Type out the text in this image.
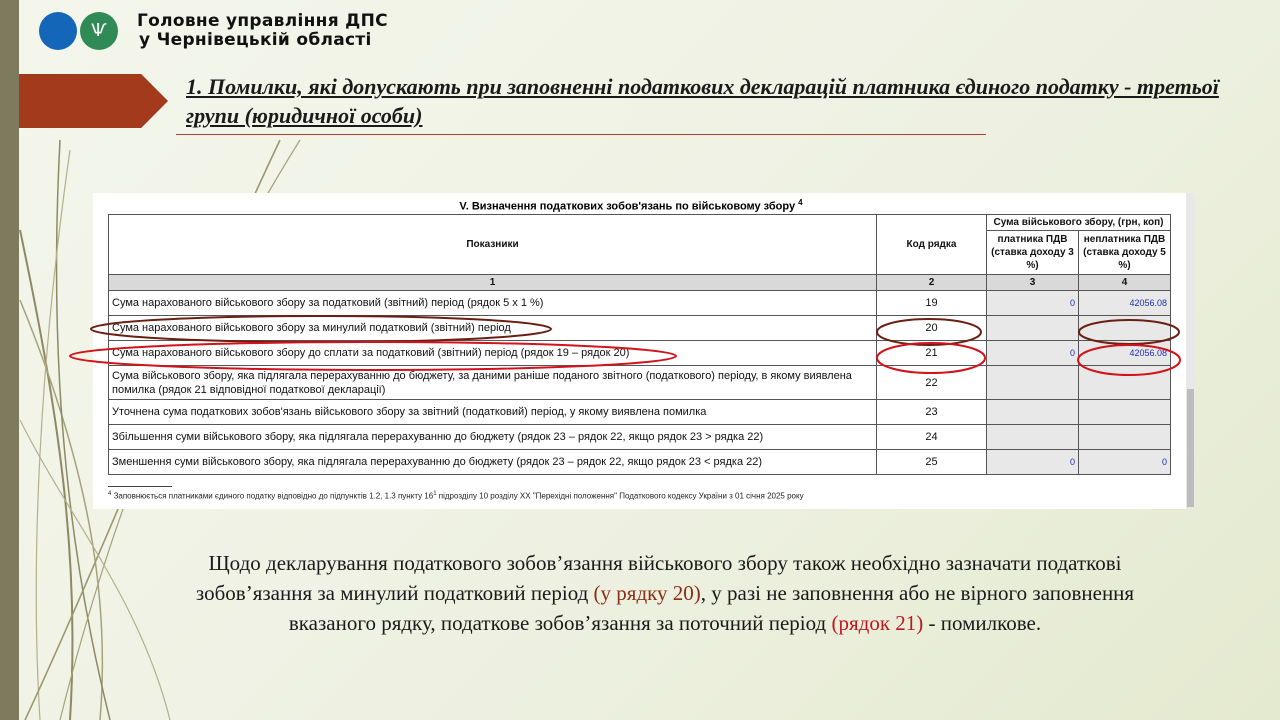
Ѱ	Головне управління ДПС
у Чернівецькій області
1. Помилки, які допускають при заповненні податкових декларацій платника єдиного податку - третьої групи (юридичної особи)
V. Визначення податкових зобов'язань по військовому збору $^4$
Показники	Код рядка	Сума військового збору, (грн, коп)	
		платника ПДВ (ставка доходу 3 %)	неплатника ПДВ (ставка доходу 5 %)
1	2	3	4
Сума нарахованого військового збору за податковий (звітний) період (рядок 5 х 1 %)	19	0	42056.08
Сума нарахованого військового збору за минулий податковий (звітний) період	20		
Сума нарахованого військового збору до сплати за податковий (звітний) період (рядок 19 – рядок 20)	21	0	42056.08
Сума військового збору, яка підлягала перерахуванню до бюджету, за даними раніше поданого звітного (податкового) періоду, в якому виявлена помилка (рядок 21 відповідної податкової декларації)	22		
Уточнена сума податкових зобов'язань військового збору за звітний (податковий) період, у якому виявлена помилка	23		
Збільшення суми військового збору, яка підлягала перерахуванню до бюджету (рядок 23 – рядок 22, якщо рядок 23 > рядка 22)	24		
Зменшення суми військового збору, яка підлягала перерахуванню до бюджету (рядок 23 – рядок 22, якщо рядок 23 < рядка 22)	25	0	0
$^4$ Заповнюється платниками єдиного податку відповідно до підпунктів 1.2, 1.3 пункту $16^1$ підрозділу 10 розділу XX "Перехідні положення" Податкового кодексу України з 01 січня 2025 року
Щодо декларування податкового зобов’язання військового збору також необхідно зазначати податкові зобов’язання за минулий податковий період (у рядку 20), у разі не заповнення або не вірного заповнення вказаного рядку, податкове зобов’язання за поточний період (рядок 21) - помилкове.
